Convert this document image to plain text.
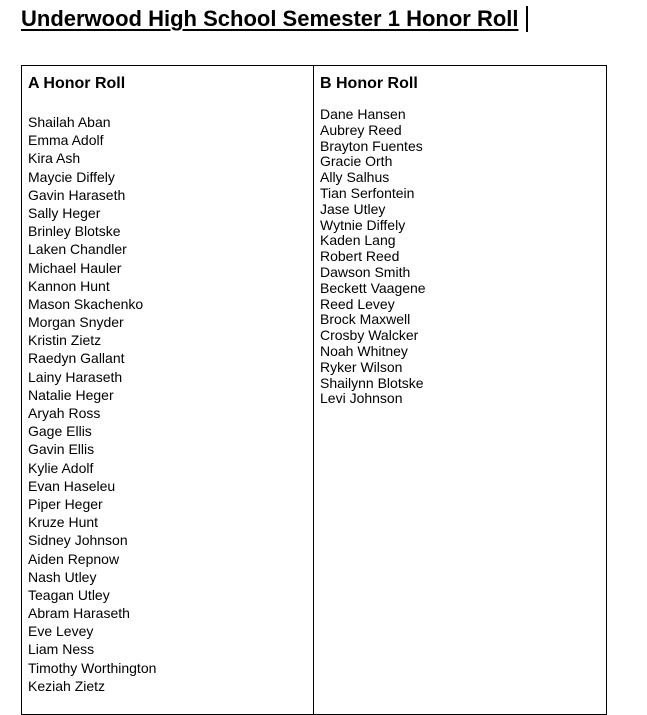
Underwood High School Semester 1 Honor Roll
A Honor Roll
Shailah Aban
Emma Adolf
Kira Ash
Maycie Diffely
Gavin Haraseth
Sally Heger
Brinley Blotske
Laken Chandler
Michael Hauler
Kannon Hunt
Mason Skachenko
Morgan Snyder
Kristin Zietz
Raedyn Gallant
Lainy Haraseth
Natalie Heger
Aryah Ross
Gage Ellis
Gavin Ellis
Kylie Adolf
Evan Haseleu
Piper Heger
Kruze Hunt
Sidney Johnson
Aiden Repnow
Nash Utley
Teagan Utley
Abram Haraseth
Eve Levey
Liam Ness
Timothy Worthington
Keziah Zietz
B Honor Roll
Dane Hansen
Aubrey Reed
Brayton Fuentes
Gracie Orth
Ally Salhus
Tian Serfontein
Jase Utley
Wytnie Diffely
Kaden Lang
Robert Reed
Dawson Smith
Beckett Vaagene
Reed Levey
Brock Maxwell
Crosby Walcker
Noah Whitney
Ryker Wilson
Shailynn Blotske
Levi Johnson
